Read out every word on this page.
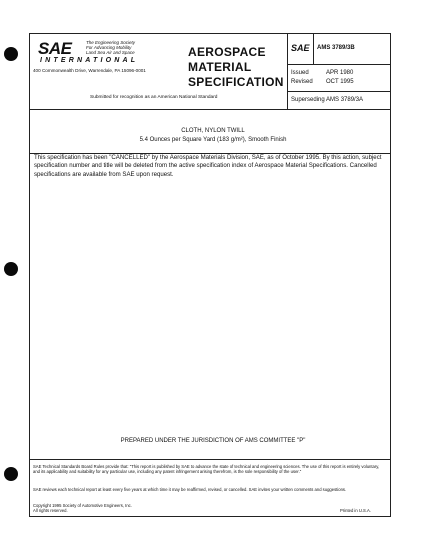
SAE	The Engineering Society
For Advancing Mobility
Land Sea Air and Space
INTERNATIONAL
400 Commonwealth Drive, Warrendale, PA 15096-0001
AEROSPACE
MATERIAL
SPECIFICATION
Submitted for recognition as an American National Standard
SAE AMS 3789/3B
Issued	APR 1980
Revised OCT 1995
Superseding AMS 3789/3A
CLOTH, NYLON TWILL
5.4 Ounces per Square Yard (183 g/m²), Smooth Finish
This specification has been "CANCELLED" by the Aerospace Materials Division, SAE, as of October 1995. By this action, subject specification number and title will be deleted from the active specification index of Aerospace Material Specifications. Cancelled specifications are available from SAE upon request.
PREPARED UNDER THE JURISDICTION OF AMS COMMITTEE "P"
SAE Technical Standards Board Rules provide that: "This report is published by SAE to advance the state of technical and engineering sciences. The use of this report is entirely voluntary, and its applicability and suitability for any particular use, including any patent infringement arising therefrom, is the sole responsibility of the user."
SAE reviews each technical report at least every five years at which time it may be reaffirmed, revised, or cancelled. SAE invites your written comments and suggestions.
Copyright 1995 Society of Automotive Engineers, Inc.
All rights reserved.	Printed in U.S.A.
